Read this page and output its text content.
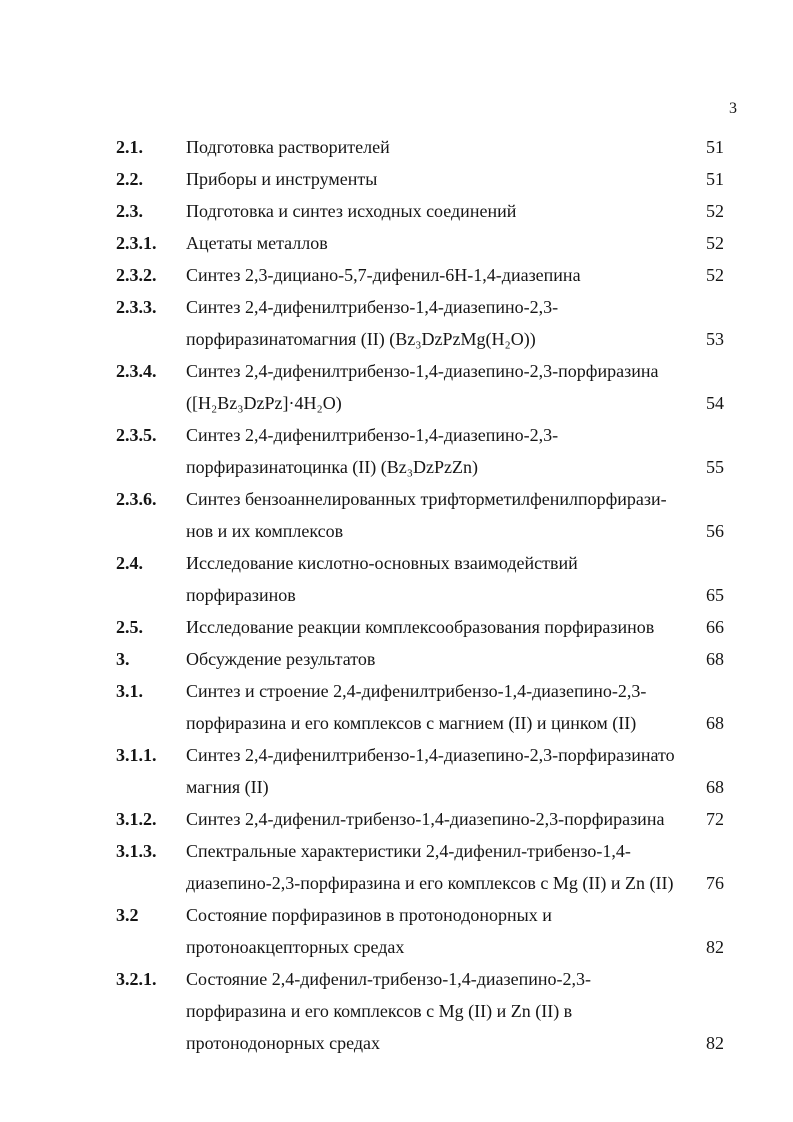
3
2.1. Подготовка растворителей	51
2.2. Приборы и инструменты	51
2.3. Подготовка и синтез исходных соединений	52
2.3.1. Ацетаты металлов	52
2.3.2. Синтез 2,3-дициано-5,7-дифенил-6H-1,4-диазепина	52
2.3.3. Синтез 2,4-дифенилтрибензо-1,4-диазепино-2,3-
порфиразинатомагния (II) (Bz₃DzPzMg(H₂O))	53
2.3.4. Синтез 2,4-дифенилтрибензо-1,4-диазепино-2,3-порфиразина
([H₂Bz₃DzPz]·4H₂O)	54
2.3.5. Синтез 2,4-дифенилтрибензо-1,4-диазепино-2,3-
порфиразинатоцинка (II) (Bz₃DzPzZn)	55
2.3.6. Синтез бензоаннелированных трифторметилфенилпорфирази-
нов и их комплексов	56
2.4. Исследование кислотно-основных взаимодействий
порфиразинов	65
2.5. Исследование реакции комплексообразования порфиразинов	66
3.	Обсуждение результатов	68
3.1. Синтез и строение 2,4-дифенилтрибензо-1,4-диазепино-2,3-
порфиразина и его комплексов с магнием (II) и цинком (II)	68
3.1.1. Синтез 2,4-дифенилтрибензо-1,4-диазепино-2,3-порфиразинато
магния (II)	68
3.1.2. Синтез 2,4-дифенил-трибензо-1,4-диазепино-2,3-порфиразина 72
3.1.3. Спектральные характеристики 2,4-дифенил-трибензо-1,4-
диазепино-2,3-порфиразина и его комплексов с Mg (II) и Zn (II) 76
3.2	Состояние порфиразинов в протонодонорных и
протоноакцепторных средах	82
3.2.1. Состояние 2,4-дифенил-трибензо-1,4-диазепино-2,3-
порфиразина и его комплексов с Mg (II) и Zn (II) в
протонодонорных средах	82
